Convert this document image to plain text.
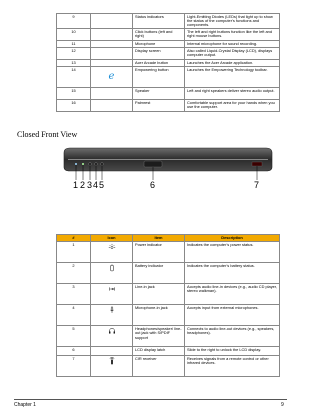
9		Status indicators	Light-Emitting Diodes (LEDs) that light up to show the status of the computer’s functions and components.
10		Click buttons (left and right)	The left and right buttons function like the left and right mouse buttons.
11		Microphone	Internal microphone for sound recording.
12		Display screen	Also called Liquid-Crystal Display (LCD), displays computer output.
13		Acer Arcade button	Launches the Acer Arcade application.
14	e	Empowering button	Launches the Empowering Technology toolbar.
15		Speaker	Left and right speakers deliver stereo audio output.
16		Palmrest	Comfortable support area for your hands when you use the computer.
Closed Front View
1 2 3 4 5	6	7
#	Icon	Item	Description
1		Power indicator	Indicates the computer’s power status.
2		Battery indicator	Indicates the computer’s battery status.
3		Line-in jack	Accepts audio line-in devices (e.g., audio CD player, stereo walkman).
4		Microphone-in jack	Accepts input from external microphones.
5		Headphones/speaker/ line-out jack with S/PDIF support	Connects to audio line-out devices (e.g., speakers, headphones).
6		LCD display latch	Slide to the right to unlock the LCD display.
7		CIR receiver	Receives signals from a remote control or other infrared devices.
Chapter 1	9
